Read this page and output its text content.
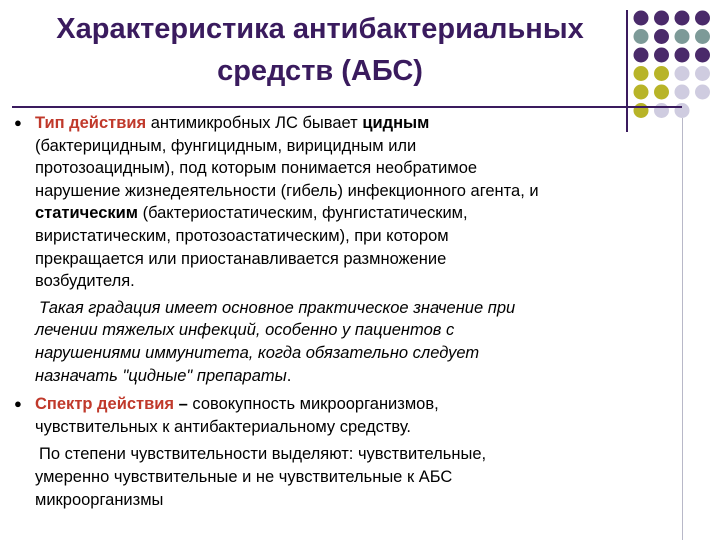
Характеристика антибактериальных
средств (АБС)
● Тип действия антимикробных ЛС бывает цидным
(бактерицидным, фунгицидным, вирицидным или
протозоацидным), под которым понимается необратимое
нарушение жизнедеятельности (гибель) инфекционного агента, и
статическим (бактериостатическим, фунгистатическим,
виристатическим, протозоастатическим), при котором
прекращается или приостанавливается размножение
возбудителя.
Такая градация имеет основное практическое значение при
лечении тяжелых инфекций, особенно у пациентов с
нарушениями иммунитета, когда обязательно следует
назначать "цидные" препараты.
● Спектр действия – совокупность микроорганизмов,
чувствительных к антибактериальному средству.
По степени чувствительности выделяют: чувствительные,
умеренно чувствительные и не чувствительные к АБС
микроорганизмы
